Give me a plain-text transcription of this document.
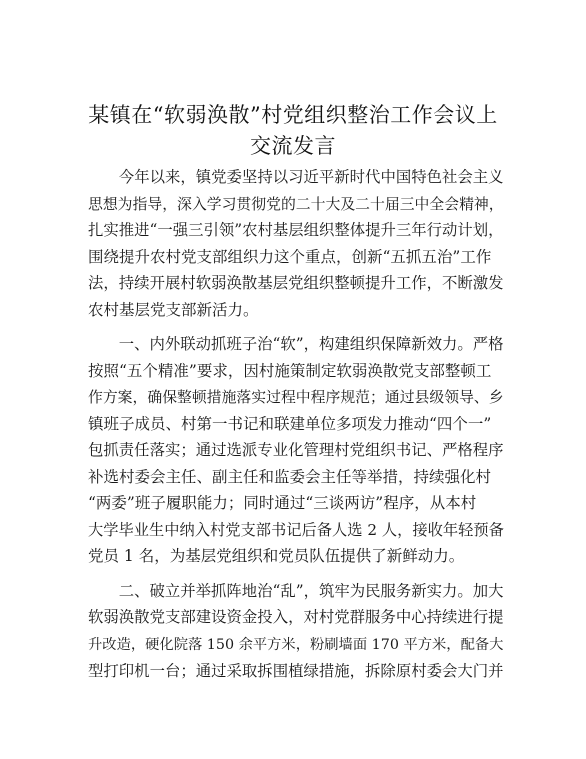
某镇在“软弱涣散”村党组织整治工作会议上
交流发言
今年以来，镇党委坚持以习近平新时代中国特色社会主义
思想为指导，深入学习贯彻党的二十大及二十届三中全会精神，
扎实推进“一强三引领”农村基层组织整体提升三年行动计划，
围绕提升农村党支部组织力这个重点，创新“五抓五治”工作
法，持续开展村软弱涣散基层党组织整顿提升工作，不断激发
农村基层党支部新活力。
一、内外联动抓班子治“软”，构建组织保障新效力。严格
按照“五个精准”要求，因村施策制定软弱涣散党支部整顿工
作方案，确保整顿措施落实过程中程序规范；通过县级领导、乡
镇班子成员、村第一书记和联建单位多项发力推动“四个一”
包抓责任落实；通过选派专业化管理村党组织书记、严格程序
补选村委会主任、副主任和监委会主任等举措，持续强化村
“两委”班子履职能力；同时通过“三谈两访”程序，从本村
大学毕业生中纳入村党支部书记后备人选 2 人，接收年轻预备
党员 1 名，为基层党组织和党员队伍提供了新鲜动力。
二、破立并举抓阵地治“乱”，筑牢为民服务新实力。加大
软弱涣散党支部建设资金投入，对村党群服务中心持续进行提
升改造，硬化院落 150 余平方米，粉刷墙面 170 平方米，配备大
型打印机一台；通过采取拆围植绿措施，拆除原村委会大门并
